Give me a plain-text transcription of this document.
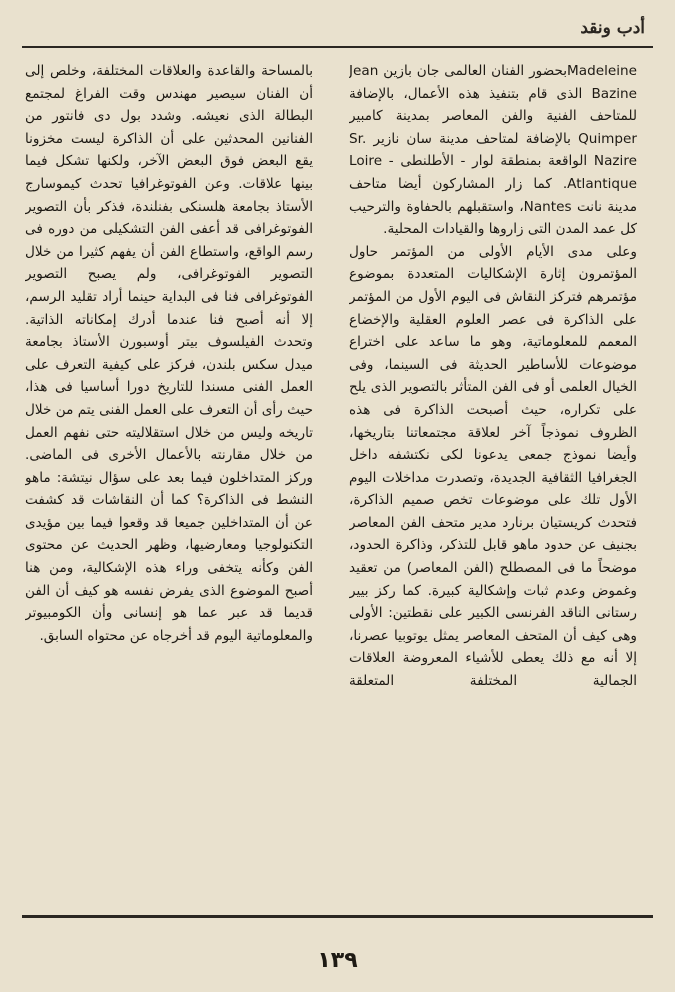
أدب ونقد

Madeleineبحضور الفنان العالمى جان بازين Jean Bazine الذى قام بتنفيذ هذه الأعمال، بالإضافة للمتاحف الفنية والفن المعاصر بمدينة كامبير Quimper بالإضافة لمتاحف مدينة سان نازير Sr. Nazire الواقعة بمنطقة لوار - الأطلنطى - Loire Atlantique. كما زار المشاركون أيضا متاحف مدينة نانت Nantes، واستقبلهم بالحفاوة والترحيب كل عمد المدن التى زاروها والقيادات المحلية.

وعلى مدى الأيام الأولى من المؤتمر حاول المؤتمرون إثارة الإشكاليات المتعددة بموضوع مؤتمرهم فتركز النقاش فى اليوم الأول من المؤتمر على الذاكرة فى عصر العلوم العقلية والإخضاع المعمم للمعلوماتية، وهو ما ساعد على اختراع موضوعات للأساطير الحديثة فى السينما، وفى الخيال العلمى أو فى الفن المتأثر بالتصوير الذى يلح على تكراره، حيث أصبحت الذاكرة فى هذه الظروف نموذجاً آخر لعلاقة مجتمعاتنا بتاريخها، وأيضا نموذج جمعى يدعونا لكى نكتشفه داخل الجغرافيا الثقافية الجديدة، وتصدرت مداخلات اليوم الأول تلك على موضوعات تخص صميم الذاكرة، فتحدث كريستيان برنارد مدير متحف الفن المعاصر بجنيف عن حدود ماهو قابل للتذكر، وذاكرة الحدود، موضحاً ما فى المصطلح (الفن المعاصر) من تعقيد وغموض وعدم ثبات وإشكالية كبيرة. كما ركز بيير رستانى الناقد الفرنسى الكبير على نقطتين: الأولى وهى كيف أن المتحف المعاصر يمثل يوتوبيا عصرنا، إلا أنه مع ذلك يعطى للأشياء المعروضة العلاقات الجمالية المختلفة المتعلقة

بالمساحة والقاعدة والعلاقات المختلفة، وخلص إلى أن الفنان سيصير مهندس وقت الفراغ لمجتمع البطالة الذى نعيشه. وشدد بول دى فانتور من الفنانين المحدثين على أن الذاكرة ليست مخزونا يقع البعض فوق البعض الآخر، ولكنها تشكل فيما بينها علاقات. وعن الفوتوغرافيا تحدث كيموسارج الأستاذ بجامعة هلسنكى بفنلندة، فذكر بأن التصوير الفوتوغرافى قد أعفى الفن التشكيلى من دوره فى رسم الواقع، واستطاع الفن أن يفهم كثيرا من خلال التصوير الفوتوغرافى، ولم يصبح التصوير الفوتوغرافى فنا فى البداية حينما أراد تقليد الرسم، إلا أنه أصبح فنا عندما أدرك إمكاناته الذاتية.

وتحدث الفيلسوف بيتر أوسبورن الأستاذ بجامعة ميدل سكس بلندن، فركز على كيفية التعرف على العمل الفنى مسندا للتاريخ دورا أساسيا فى هذا، حيث رأى أن التعرف على العمل الفنى يتم من خلال تاريخه وليس من خلال استقلاليته حتى نفهم العمل من خلال مقارنته بالأعمال الأخرى فى الماضى. وركز المتداخلون فيما بعد على سؤال نيتشة: ماهو النشط فى الذاكرة؟ كما أن النقاشات قد كشفت عن أن المتداخلين جميعا قد وقعوا فيما بين مؤيدى التكنولوجيا ومعارضيها، وظهر الحديث عن محتوى الفن وكأنه يتخفى وراء هذه الإشكالية، ومن هنا أصبح الموضوع الذى يفرض نفسه هو كيف أن الفن قديما قد عبر عما هو إنسانى وأن الكومبيوتر والمعلوماتية اليوم قد أخرجاه عن محتواه السابق.

١٣٩
